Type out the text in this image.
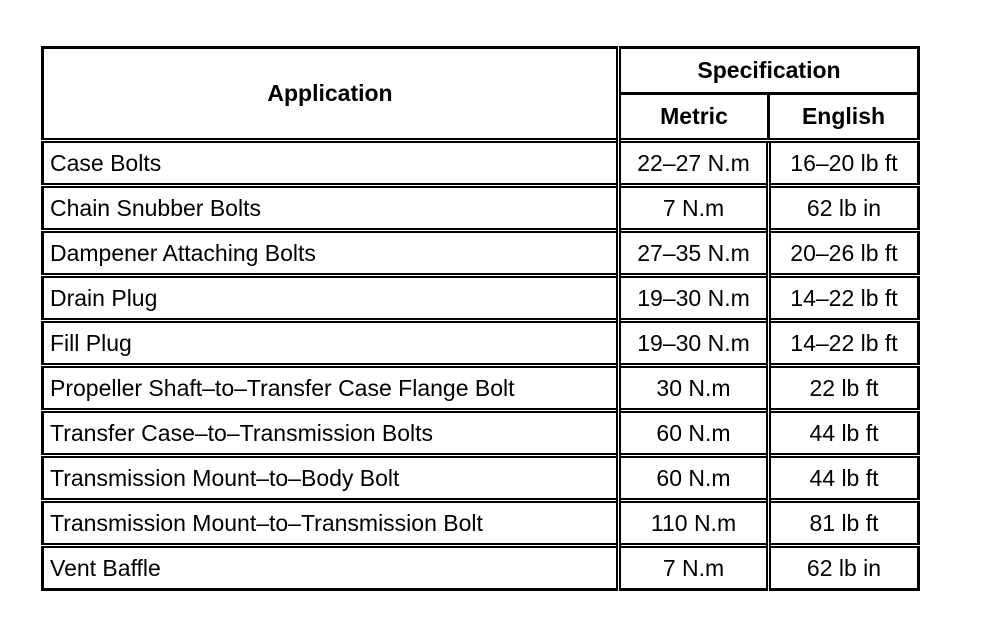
Application	Specification	
	Metric	English
Case Bolts	22–27 N.m	16–20 lb ft
Chain Snubber Bolts	7 N.m	62 lb in
Dampener Attaching Bolts	27–35 N.m	20–26 lb ft
Drain Plug	19–30 N.m	14–22 lb ft
Fill Plug	19–30 N.m	14–22 lb ft
Propeller Shaft–to–Transfer Case Flange Bolt	30 N.m	22 lb ft
Transfer Case–to–Transmission Bolts	60 N.m	44 lb ft
Transmission Mount–to–Body Bolt	60 N.m	44 lb ft
Transmission Mount–to–Transmission Bolt	110 N.m	81 lb ft
Vent Baffle	7 N.m	62 lb in
